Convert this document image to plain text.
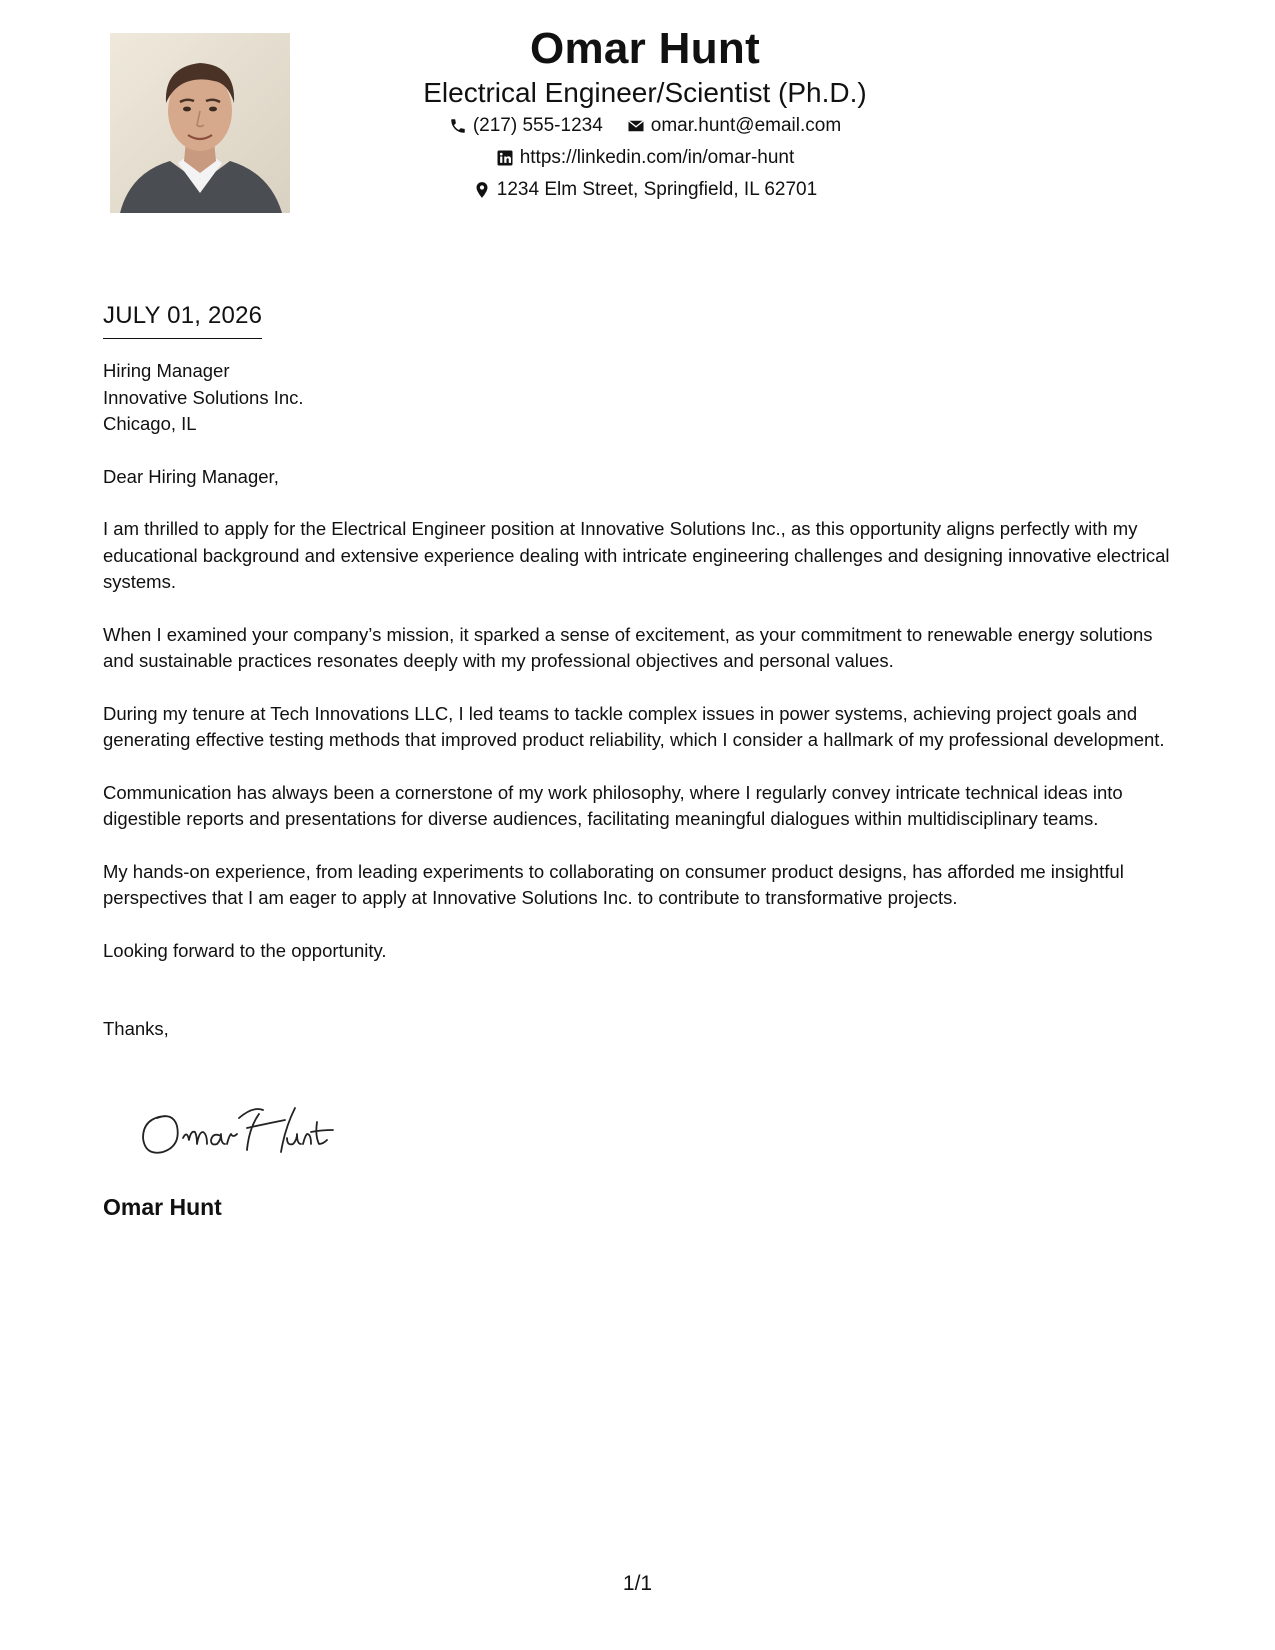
Omar Hunt
Electrical Engineer/Scientist (Ph.D.)
(217) 555-1234	omar.hunt@email.com
https://linkedin.com/in/omar-hunt
1234 Elm Street, Springfield, IL 62701
JULY 01, 2026
Hiring Manager
Innovative Solutions Inc.
Chicago, IL
Dear Hiring Manager,
I am thrilled to apply for the Electrical Engineer position at Innovative Solutions Inc., as this opportunity aligns perfectly with my educational background and extensive experience dealing with intricate engineering challenges and designing innovative electrical systems.
When I examined your company’s mission, it sparked a sense of excitement, as your commitment to renewable energy solutions and sustainable practices resonates deeply with my professional objectives and personal values.
During my tenure at Tech Innovations LLC, I led teams to tackle complex issues in power systems, achieving project goals and generating effective testing methods that improved product reliability, which I consider a hallmark of my professional development.
Communication has always been a cornerstone of my work philosophy, where I regularly convey intricate technical ideas into digestible reports and presentations for diverse audiences, facilitating meaningful dialogues within multidisciplinary teams.
My hands-on experience, from leading experiments to collaborating on consumer product designs, has afforded me insightful perspectives that I am eager to apply at Innovative Solutions Inc. to contribute to transformative projects.
Looking forward to the opportunity.
Thanks,
Omar Hunt
1/1
